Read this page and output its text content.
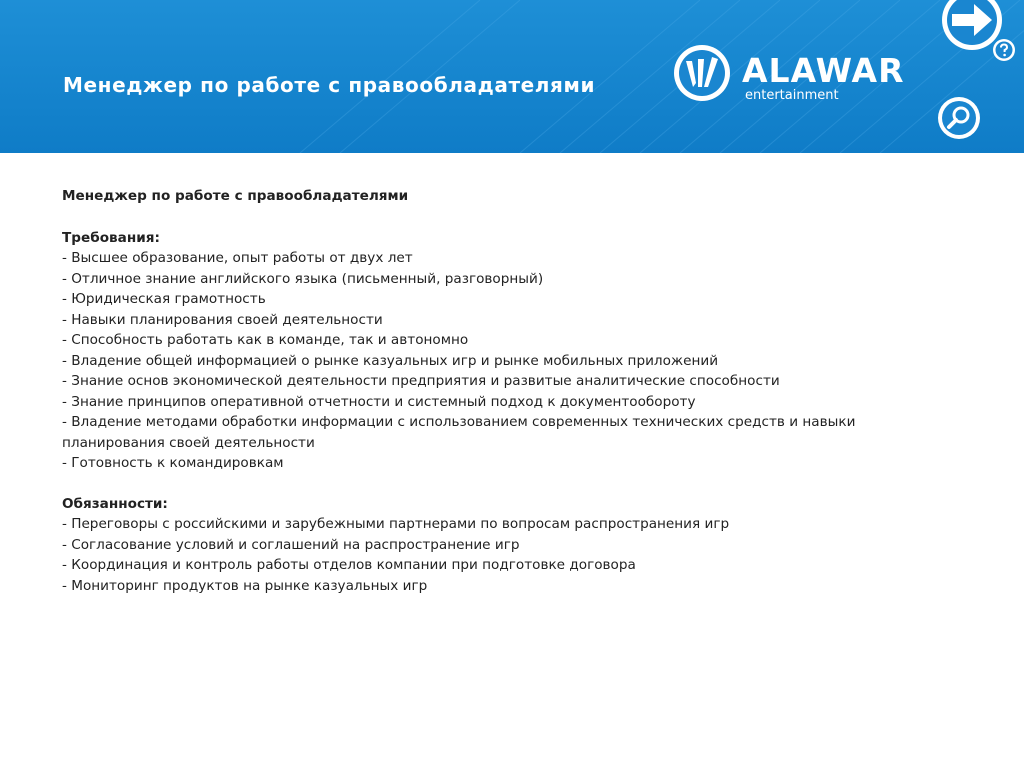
Менеджер по работе с правообладателями	ALAWAR
entertainment
Менеджер по работе с правообладателями
Требования:
- Высшее образование, опыт работы от двух лет
- Отличное знание английского языка (письменный, разговорный)
- Юридическая грамотность
- Навыки планирования своей деятельности
- Способность работать как в команде, так и автономно
- Владение общей информацией о рынке казуальных игр и рынке мобильных приложений
- Знание основ экономической деятельности предприятия и развитые аналитические способности
- Знание принципов оперативной отчетности и системный подход к документообороту
- Владение методами обработки информации с использованием современных технических средств и навыки планирования своей деятельности
- Готовность к командировкам
Обязанности:
- Переговоры с российскими и зарубежными партнерами по вопросам распространения игр
- Согласование условий и соглашений на распространение игр
- Координация и контроль работы отделов компании при подготовке договора
- Мониторинг продуктов на рынке казуальных игр
